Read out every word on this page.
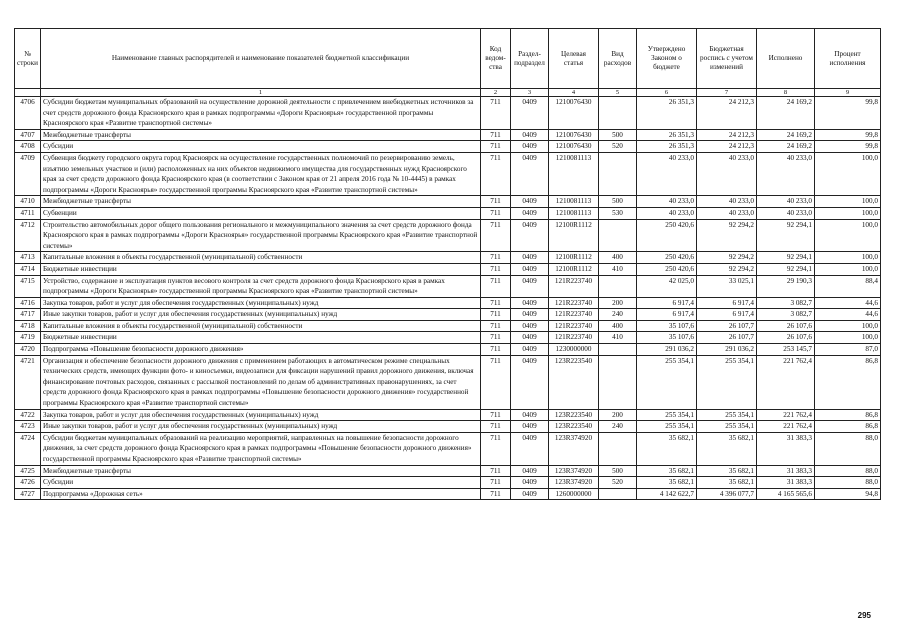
№ строки	Наименование главных распорядителей и наименование показателей бюджетной классификации	Код ведом-ства	Раздел-подраздел	Целевая статья	Вид расходов	Утверждено Законом о бюджете	Бюджетная роспись с учетом изменений	Исполнено	Процент исполнения
	1	2	3	4	5	6	7	8	9
4706	Субсидии бюджетам муниципальных образований на осуществление дорожной деятельности с привлечением внебюджетных источников за счет средств дорожного фонда Красноярского края в рамках подпрограммы «Дороги Красноярья» государственной программы Красноярского края «Развитие транспортной системы»	711	0409	1210076430		26 351,3	24 212,3	24 169,2	99,8
4707	Межбюджетные трансферты	711	0409	1210076430	500	26 351,3	24 212,3	24 169,2	99,8
4708	Субсидии	711	0409	1210076430	520	26 351,3	24 212,3	24 169,2	99,8
4709	Субвенция бюджету городского округа город Красноярск на осуществление государственных полномочий по резервированию земель, изъятию земельных участков и (или) расположенных на них объектов недвижимого имущества для государственных нужд Красноярского края за счет средств дорожного фонда Красноярского края (в соответствии с Законом края от 21 апреля 2016 года № 10-4445) в рамках подпрограммы «Дороги Красноярья» государственной программы Красноярского края «Развитие транспортной системы»	711	0409	1210081113		40 233,0	40 233,0	40 233,0	100,0
4710	Межбюджетные трансферты	711	0409	1210081113	500	40 233,0	40 233,0	40 233,0	100,0
4711	Субвенции	711	0409	1210081113	530	40 233,0	40 233,0	40 233,0	100,0
4712	Строительство автомобильных дорог общего пользования регионального и межмуниципального значения за счет средств дорожного фонда Красноярского края в рамках подпрограммы «Дороги Красноярья» государственной программы Красноярского края «Развитие транспортной системы»	711	0409	12100R1112		250 420,6	92 294,2	92 294,1	100,0
4713	Капитальные вложения в объекты государственной (муниципальной) собственности	711	0409	12100R1112	400	250 420,6	92 294,2	92 294,1	100,0
4714	Бюджетные инвестиции	711	0409	12100R1112	410	250 420,6	92 294,2	92 294,1	100,0
4715	Устройство, содержание и эксплуатация пунктов весового контроля за счет средств дорожного фонда Красноярского края в рамках подпрограммы «Дороги Красноярья» государственной программы Красноярского края «Развитие транспортной системы»	711	0409	121R223740		42 025,0	33 025,1	29 190,3	88,4
4716	Закупка товаров, работ и услуг для обеспечения государственных (муниципальных) нужд	711	0409	121R223740	200	6 917,4	6 917,4	3 082,7	44,6
4717	Иные закупки товаров, работ и услуг для обеспечения государственных (муниципальных) нужд	711	0409	121R223740	240	6 917,4	6 917,4	3 082,7	44,6
4718	Капитальные вложения в объекты государственной (муниципальной) собственности	711	0409	121R223740	400	35 107,6	26 107,7	26 107,6	100,0
4719	Бюджетные инвестиции	711	0409	121R223740	410	35 107,6	26 107,7	26 107,6	100,0
4720	Подпрограмма «Повышение безопасности дорожного движения»	711	0409	1230000000		291 036,2	291 036,2	253 145,7	87,0
4721	Организация и обеспечение безопасности дорожного движения с применением работающих в автоматическом режиме специальных технических средств, имеющих функции фото- и киносъемки, видеозаписи для фиксации нарушений правил дорожного движения, включая финансирование почтовых расходов, связанных с рассылкой постановлений по делам об административных правонарушениях, за счет средств дорожного фонда Красноярского края в рамках подпрограммы «Повышение безопасности дорожного движения» государственной программы Красноярского края «Развитие транспортной системы»	711	0409	123R223540		255 354,1	255 354,1	221 762,4	86,8
4722	Закупка товаров, работ и услуг для обеспечения государственных (муниципальных) нужд	711	0409	123R223540	200	255 354,1	255 354,1	221 762,4	86,8
4723	Иные закупки товаров, работ и услуг для обеспечения государственных (муниципальных) нужд	711	0409	123R223540	240	255 354,1	255 354,1	221 762,4	86,8
4724	Субсидии бюджетам муниципальных образований на реализацию мероприятий, направленных на повышение безопасности дорожного движения, за счет средств дорожного фонда Красноярского края в рамках подпрограммы «Повышение безопасности дорожного движения» государственной программы Красноярского края «Развитие транспортной системы»	711	0409	123R374920		35 682,1	35 682,1	31 383,3	88,0
4725	Межбюджетные трансферты	711	0409	123R374920	500	35 682,1	35 682,1	31 383,3	88,0
4726	Субсидии	711	0409	123R374920	520	35 682,1	35 682,1	31 383,3	88,0
4727	Подпрограмма «Дорожная сеть»	711	0409	1260000000		4 142 622,7	4 396 077,7	4 165 565,6	94,8
295
